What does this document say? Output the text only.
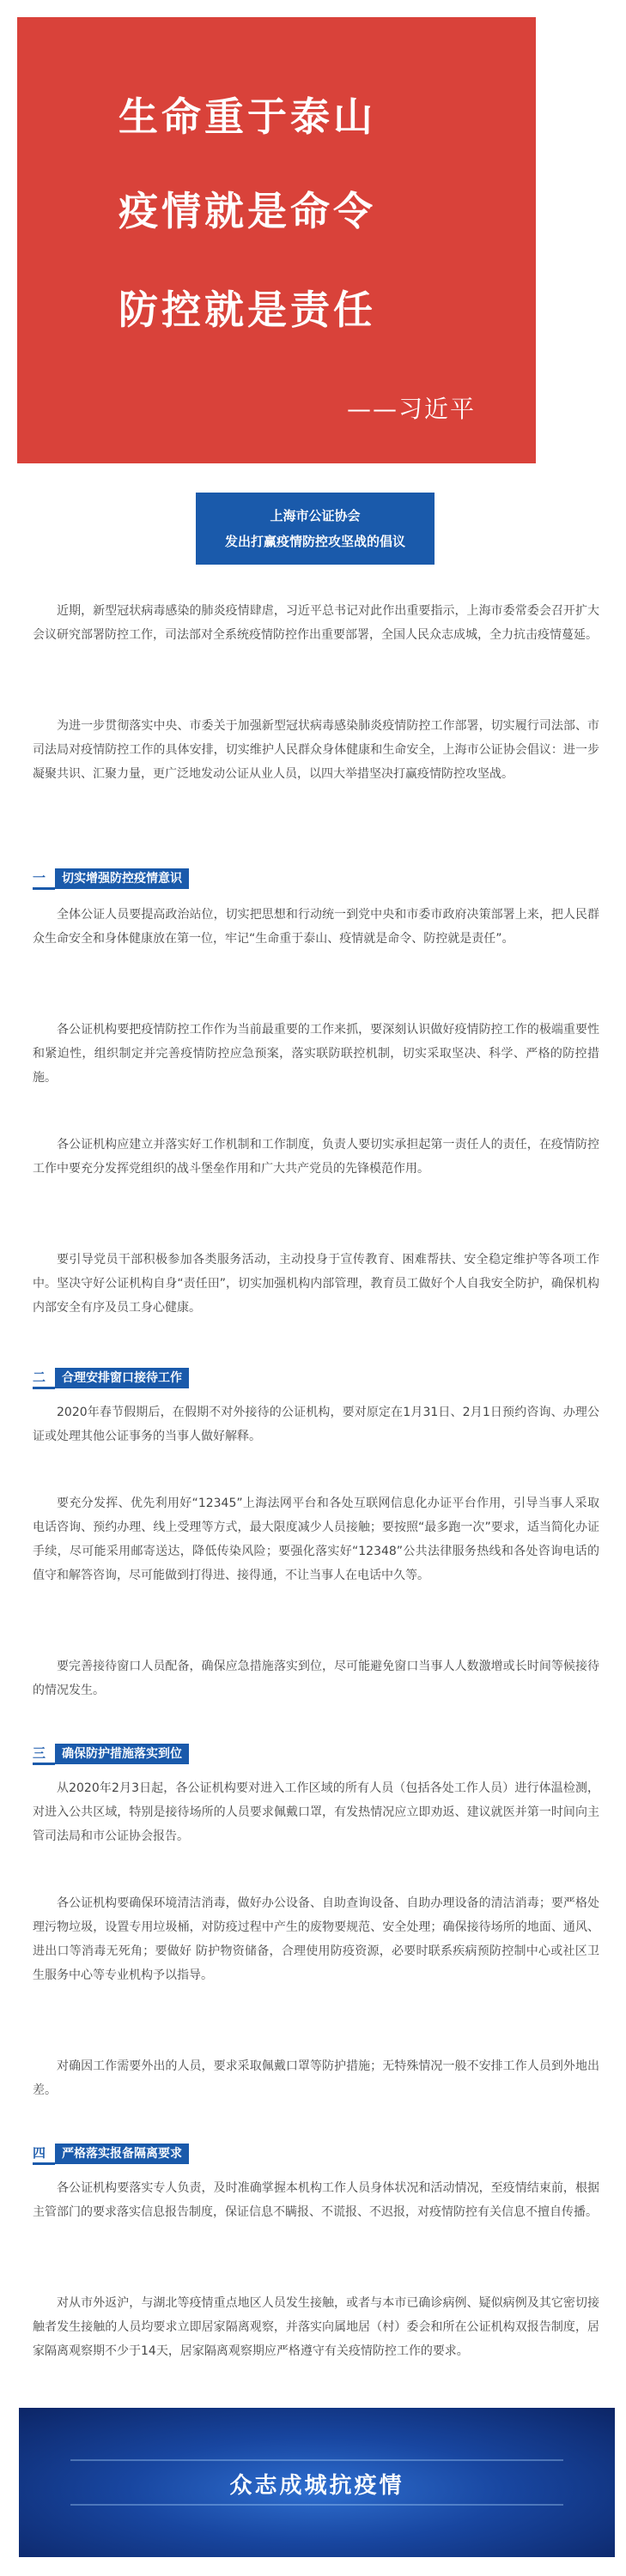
生命重于泰山
疫情就是命令
防控就是责任
——习近平
上海市公证协会
发出打赢疫情防控攻坚战的倡议

近期，新型冠状病毒感染的肺炎疫情肆虐，习近平总书记对此作出重要指示，上海市委常委会召开扩大会议研究部署防控工作，司法部对全系统疫情防控作出重要部署，全国人民众志成城，全力抗击疫情蔓延。

为进一步贯彻落实中央、市委关于加强新型冠状病毒感染肺炎疫情防控工作部署，切实履行司法部、市司法局对疫情防控工作的具体安排，切实维护人民群众身体健康和生命安全，上海市公证协会倡议：进一步凝聚共识、汇聚力量，更广泛地发动公证从业人员，以四大举措坚决打赢疫情防控攻坚战。

一	切实增强防控疫情意识

全体公证人员要提高政治站位，切实把思想和行动统一到党中央和市委市政府决策部署上来，把人民群众生命安全和身体健康放在第一位，牢记“生命重于泰山、疫情就是命令、防控就是责任”。

各公证机构要把疫情防控工作作为当前最重要的工作来抓，要深刻认识做好疫情防控工作的极端重要性和紧迫性，组织制定并完善疫情防控应急预案，落实联防联控机制，切实采取坚决、科学、严格的防控措施。

各公证机构应建立并落实好工作机制和工作制度，负责人要切实承担起第一责任人的责任，在疫情防控工作中要充分发挥党组织的战斗堡垒作用和广大共产党员的先锋模范作用。

要引导党员干部积极参加各类服务活动，主动投身于宣传教育、困难帮扶、安全稳定维护等各项工作中。坚决守好公证机构自身“责任田”，切实加强机构内部管理，教育员工做好个人自我安全防护，确保机构内部安全有序及员工身心健康。

二	合理安排窗口接待工作

2020年春节假期后，在假期不对外接待的公证机构，要对原定在1月31日、2月1日预约咨询、办理公证或处理其他公证事务的当事人做好解释。

要充分发挥、优先利用好“12345”上海法网平台和各处互联网信息化办证平台作用，引导当事人采取电话咨询、预约办理、线上受理等方式，最大限度减少人员接触；要按照“最多跑一次”要求，适当简化办证手续，尽可能采用邮寄送达，降低传染风险；要强化落实好“12348”公共法律服务热线和各处咨询电话的值守和解答咨询，尽可能做到打得进、接得通，不让当事人在电话中久等。

要完善接待窗口人员配备，确保应急措施落实到位，尽可能避免窗口当事人人数激增或长时间等候接待的情况发生。

三	确保防护措施落实到位

从2020年2月3日起，各公证机构要对进入工作区域的所有人员（包括各处工作人员）进行体温检测，对进入公共区域，特别是接待场所的人员要求佩戴口罩，有发热情况应立即劝返、建议就医并第一时间向主管司法局和市公证协会报告。

各公证机构要确保环境清洁消毒，做好办公设备、自助查询设备、自助办理设备的清洁消毒；要严格处理污物垃圾，设置专用垃圾桶，对防疫过程中产生的废物要规范、安全处理；确保接待场所的地面、通风、进出口等消毒无死角；要做好 防护物资储备，合理使用防疫资源，必要时联系疾病预防控制中心或社区卫生服务中心等专业机构予以指导。

对确因工作需要外出的人员，要求采取佩戴口罩等防护措施；无特殊情况一般不安排工作人员到外地出差。

四	严格落实报备隔离要求

各公证机构要落实专人负责，及时准确掌握本机构工作人员身体状况和活动情况，至疫情结束前，根据主管部门的要求落实信息报告制度，保证信息不瞒报、不谎报、不迟报，对疫情防控有关信息不擅自传播。

对从市外返沪，与湖北等疫情重点地区人员发生接触，或者与本市已确诊病例、疑似病例及其它密切接触者发生接触的人员均要求立即居家隔离观察，并落实向属地居（村）委会和所在公证机构双报告制度，居家隔离观察期不少于14天，居家隔离观察期应严格遵守有关疫情防控工作的要求。

众志成城抗疫情
